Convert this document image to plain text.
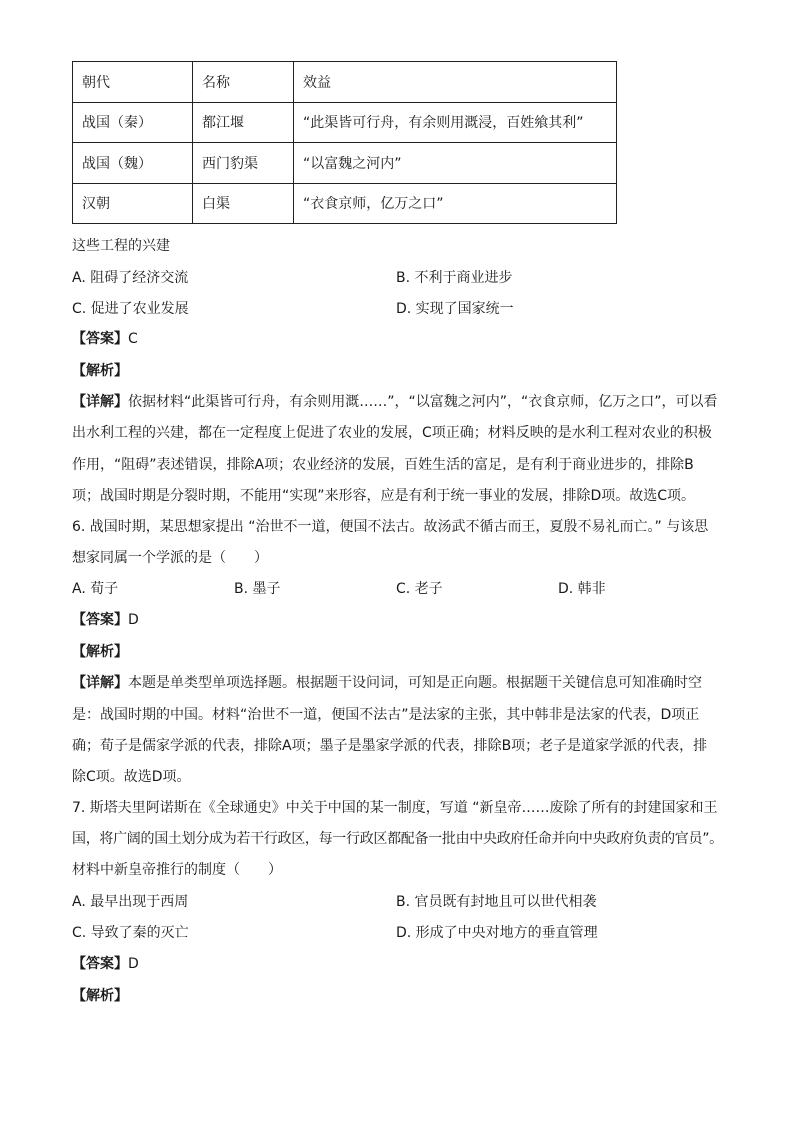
朝代	名称	效益
战国（秦）	都江堰	“此渠皆可行舟，有余则用溉浸，百姓飨其利”
战国（魏）	西门豹渠	“以富魏之河内”
汉朝	白渠	“衣食京师，亿万之口”
这些工程的兴建
A. 阻碍了经济交流	B. 不利于商业进步
C. 促进了农业发展	D. 实现了国家统一
【答案】C
【解析】
【详解】依据材料“此渠皆可行舟，有余则用溉……”，“以富魏之河内”，“衣食京师，亿万之口”，可以看
出水利工程的兴建，都在一定程度上促进了农业的发展，C项正确；材料反映的是水利工程对农业的积极
作用，“阻碍”表述错误，排除A项；农业经济的发展，百姓生活的富足，是有利于商业进步的，排除B
项；战国时期是分裂时期，不能用“实现”来形容，应是有利于统一事业的发展，排除D项。故选C项。
6. 战国时期，某思想家提出 “治世不一道，便国不法古。故汤武不循古而王，夏殷不易礼而亡。” 与该思
想家同属一个学派的是（　　）
A. 荀子	B. 墨子	C. 老子	D. 韩非
【答案】D
【解析】
【详解】本题是单类型单项选择题。根据题干设问词，可知是正向题。根据题干关键信息可知准确时空
是：战国时期的中国。材料“治世不一道，便国不法古”是法家的主张，其中韩非是法家的代表，D项正
确；荀子是儒家学派的代表，排除A项；墨子是墨家学派的代表，排除B项；老子是道家学派的代表，排
除C项。故选D项。
7. 斯塔夫里阿诺斯在《全球通史》中关于中国的某一制度，写道 “新皇帝……废除了所有的封建国家和王
国，将广阔的国土划分成为若干行政区，每一行政区都配备一批由中央政府任命并向中央政府负责的官员”。
材料中新皇帝推行的制度（　　）
A. 最早出现于西周	B. 官员既有封地且可以世代相袭
C. 导致了秦的灭亡	D. 形成了中央对地方的垂直管理
【答案】D
【解析】
